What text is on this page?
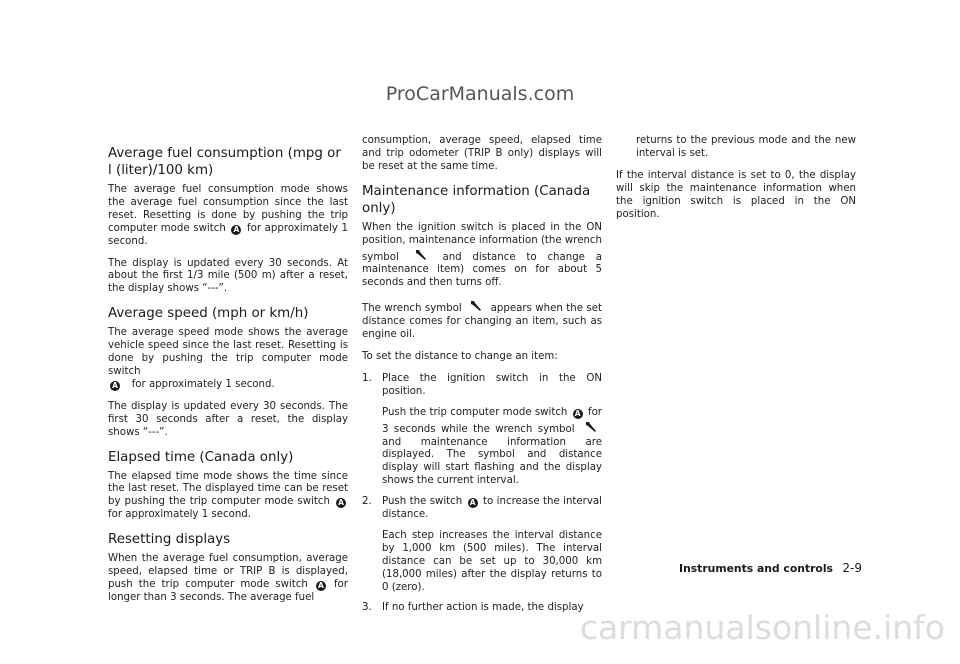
ProCarManuals.com
Average fuel consumption (mpg or l (liter)/100 km)

The average fuel consumption mode shows the average fuel consumption since the last reset. Resetting is done by pushing the trip computer mode switch A for approximately 1 second.

The display is updated every 30 seconds. At about the first 1/3 mile (500 m) after a reset, the display shows “---”.

Average speed (mph or km/h)

The average speed mode shows the average vehicle speed since the last reset. Resetting is done by pushing the trip computer mode switch
A for approximately 1 second.

The display is updated every 30 seconds. The first 30 seconds after a reset, the display shows “---”.

Elapsed time (Canada only)

The elapsed time mode shows the time since the last reset. The displayed time can be reset by pushing the trip computer mode switch A for approximately 1 second.

Resetting displays

When the average fuel consumption, average speed, elapsed time or TRIP B is displayed, push the trip computer mode switch A for longer than 3 seconds. The average fuel

consumption, average speed, elapsed time and trip odometer (TRIP B only) displays will be reset at the same time.

Maintenance information (Canada only)

When the ignition switch is placed in the ON position, maintenance information (the wrench symbol	and distance to change a maintenance item) comes on for about 5 seconds and then turns off.

The wrench symbol	appears when the set distance comes for changing an item, such as engine oil.

To set the distance to change an item:

1. Place the ignition switch in the ON position.

Push the trip computer mode switch A for 3 seconds while the wrench symbol  and maintenance information are displayed. The symbol and distance display will start flashing and the display shows the current interval.

2. Push the switch A to increase the interval distance.

Each step increases the interval distance by 1,000 km (500 miles). The interval distance can be set up to 30,000 km (18,000 miles) after the display returns to 0 (zero).

3. If no further action is made, the display

returns to the previous mode and the new interval is set.

If the interval distance is set to 0, the display will skip the maintenance information when the ignition switch is placed in the ON position.

Instruments and controls 2-9
carmanualsonline.info
